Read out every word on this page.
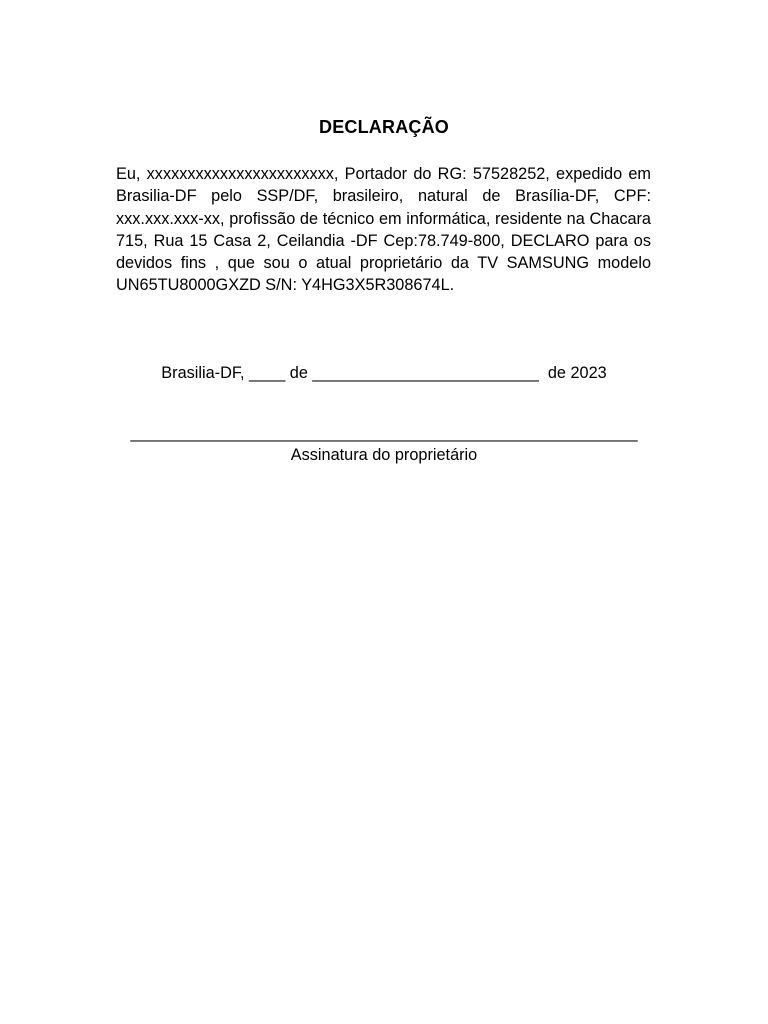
DECLARAÇÃO

Eu, xxxxxxxxxxxxxxxxxxxxxxx, Portador do RG: 57528252, expedido em Brasilia-DF pelo SSP/DF, brasileiro, natural de Brasília-DF, CPF: xxx.xxx.xxx-xx, profissão de técnico em informática, residente na Chacara 715, Rua 15 Casa 2, Ceilandia -DF Cep:78.749-800, DECLARO para os devidos fins , que sou o atual proprietário da TV SAMSUNG modelo UN65TU8000GXZD S/N: Y4HG3X5R308674L.

Brasilia-DF, ____ de _________________________  de 2023
________________________________________________________
Assinatura do proprietário
